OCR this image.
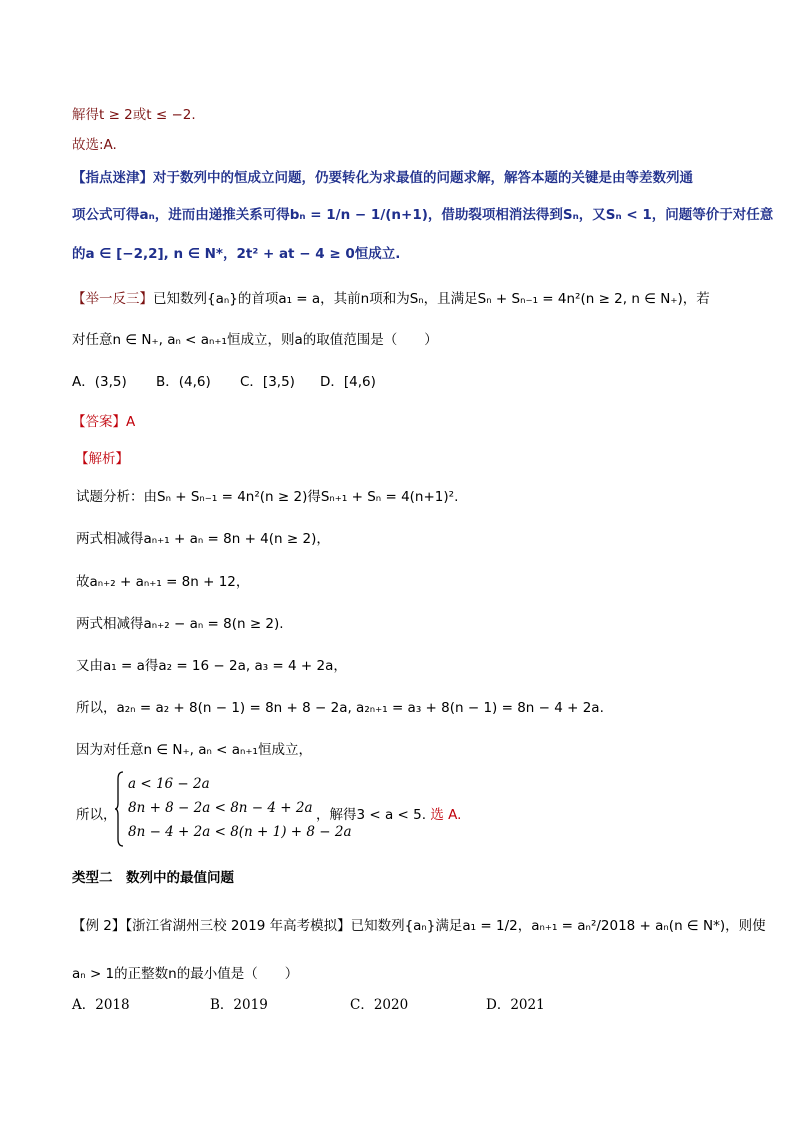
解得t ≥ 2或t ≤ −2.
故选:A.
【指点迷津】对于数列中的恒成立问题，仍要转化为求最值的问题求解，解答本题的关键是由等差数列通
项公式可得aₙ，进而由递推关系可得bₙ = 1/n − 1/(n+1)，借助裂项相消法得到Sₙ，又Sₙ < 1，问题等价于对任意
的a ∈ [−2,2], n ∈ N*，2t² + at − 4 ≥ 0恒成立.
【举一反三】已知数列{aₙ}的首项a₁ = a，其前n项和为Sₙ，且满足Sₙ + Sₙ₋₁ = 4n²(n ≥ 2, n ∈ N₊)，若
对任意n ∈ N₊, aₙ < aₙ₊₁恒成立，则a的取值范围是（　　）
A．(3,5) B．(4,6) C．[3,5) D．[4,6)
【答案】A
【解析】
试题分析：由Sₙ + Sₙ₋₁ = 4n²(n ≥ 2)得Sₙ₊₁ + Sₙ = 4(n+1)².
两式相减得aₙ₊₁ + aₙ = 8n + 4(n ≥ 2)，
故aₙ₊₂ + aₙ₊₁ = 8n + 12，
两式相减得aₙ₊₂ − aₙ = 8(n ≥ 2).
又由a₁ = a得a₂ = 16 − 2a, a₃ = 4 + 2a，
所以，a₂ₙ = a₂ + 8(n − 1) = 8n + 8 − 2a, a₂ₙ₊₁ = a₃ + 8(n − 1) = 8n − 4 + 2a.
因为对任意n ∈ N₊, aₙ < aₙ₊₁恒成立，
所以，
a < 16 − 2a
8n + 8 − 2a < 8n − 4 + 2a
8n − 4 + 2a < 8(n + 1) + 8 − 2a
，解得3 < a < 5. 选 A.
类型二　数列中的最值问题
【例 2】【浙江省湖州三校 2019 年高考模拟】已知数列{aₙ}满足a₁ = 1/2，aₙ₊₁ = aₙ²/2018 + aₙ(n ∈ N*)，则使
aₙ > 1的正整数n的最小值是（　　）
A．2018	B．2019	C．2020	D．2021
